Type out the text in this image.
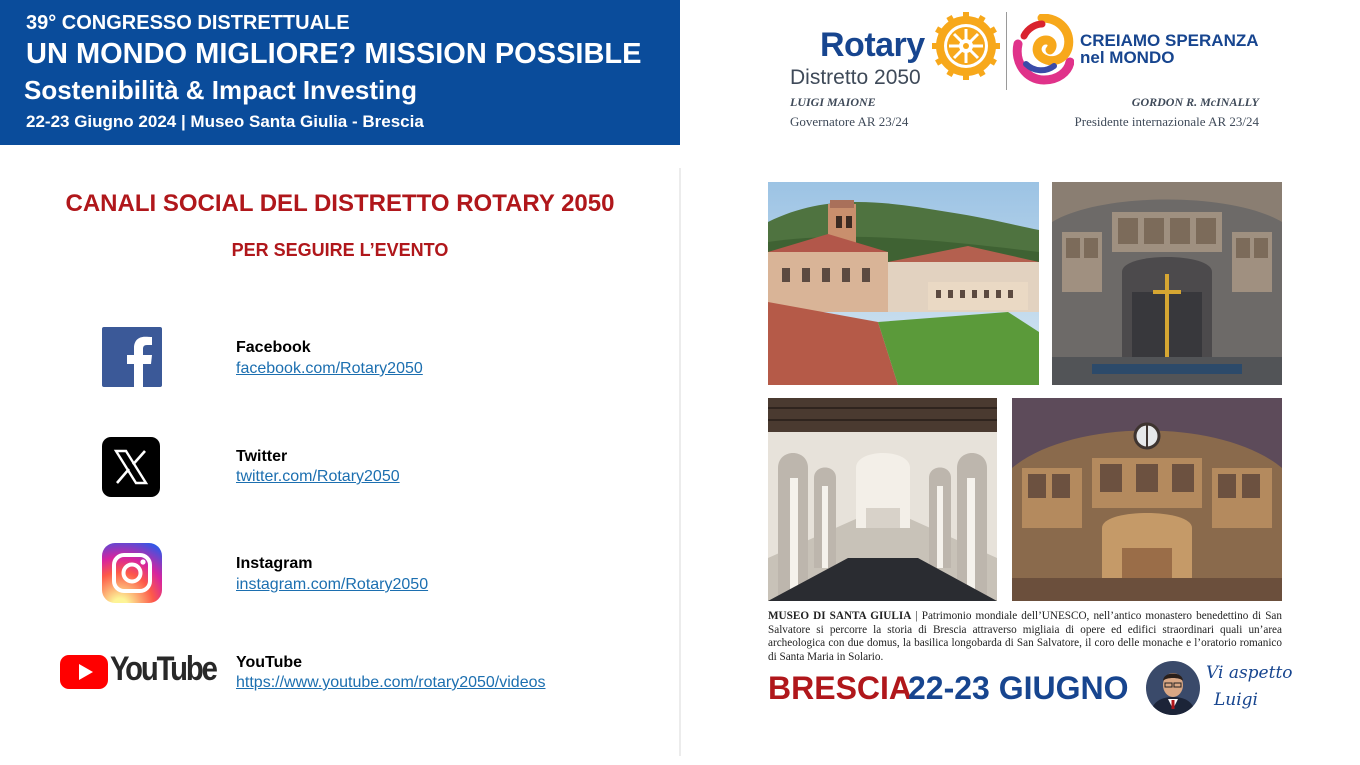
39° CONGRESSO DISTRETTUALE
UN MONDO MIGLIORE? MISSION POSSIBLE
Sostenibilità & Impact Investing
22-23 Giugno 2024 | Museo Santa Giulia - Brescia
Rotary
Distretto 2050
CREIAMO SPERANZA
nel MONDO
LUIGI MAIONE
Governatore AR 23/24
GORDON R. McINALLY
Presidente internazionale AR 23/24
CANALI SOCIAL DEL DISTRETTO ROTARY 2050
PER SEGUIRE L’EVENTO
Facebook
facebook.com/Rotary2050
Twitter
twitter.com/Rotary2050
Instagram
instagram.com/Rotary2050
YouTube YouTube
https://www.youtube.com/rotary2050/videos
MUSEO DI SANTA GIULIA | Patrimonio mondiale dell’UNESCO, nell’antico monastero benedettino di San Salvatore si percorre la storia di Brescia attraverso migliaia di opere ed edifici straordinari quali un’area archeologica con due domus, la basilica longobarda di San Salvatore, il coro delle monache e l’oratorio romanico di Santa Maria in Solario.
BRESCIA
22-23 GIUGNO	Vi aspetto
Luigi
